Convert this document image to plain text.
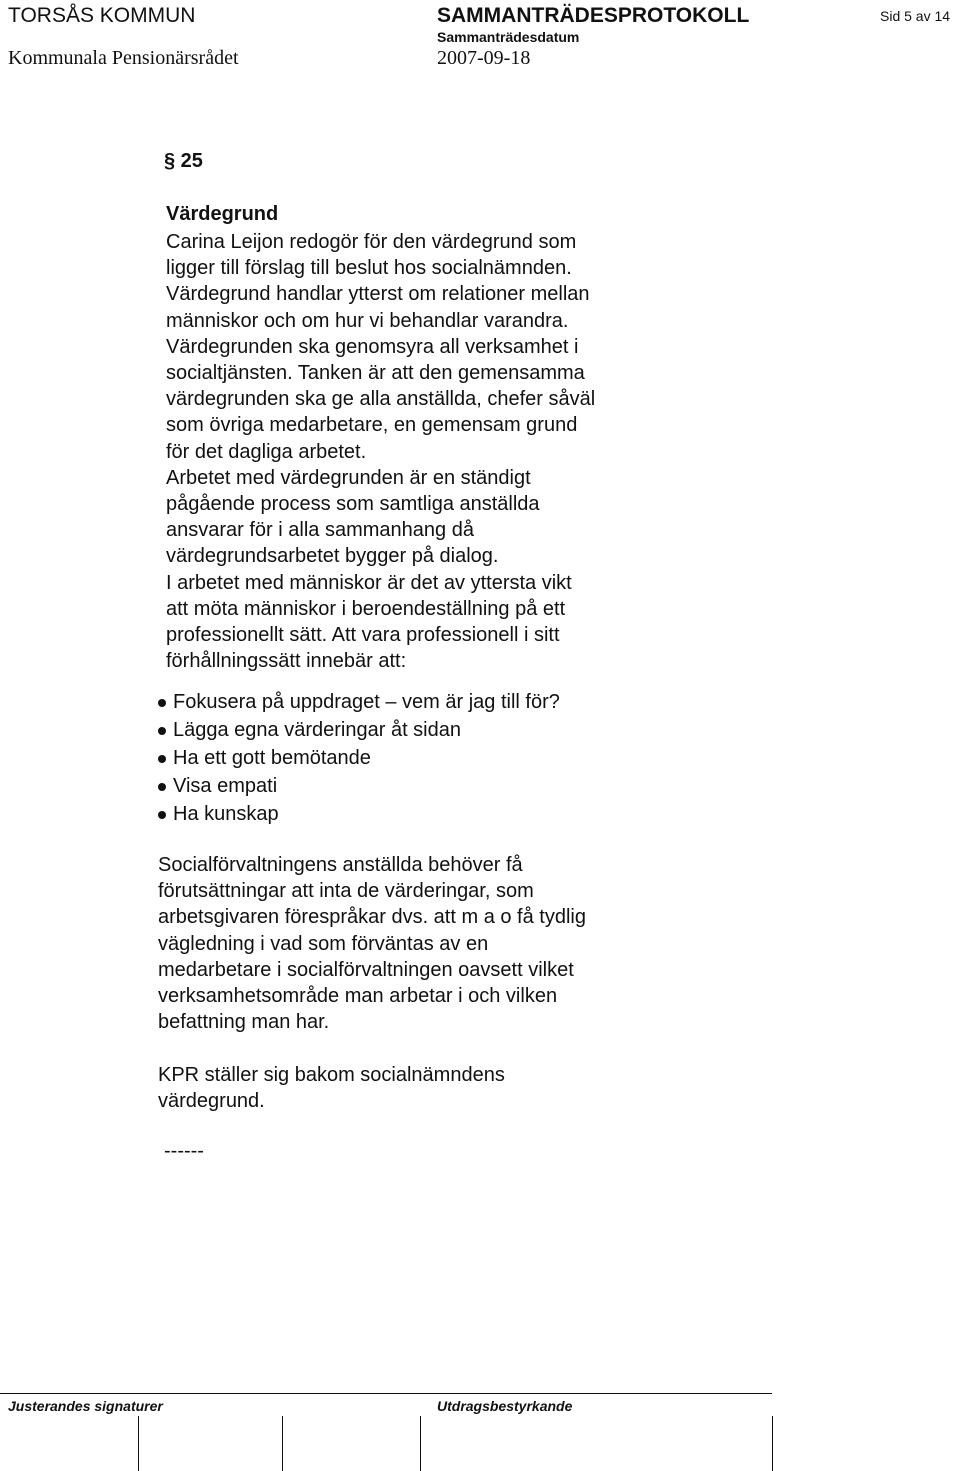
TORSÅS KOMMUN	SAMMANTRÄDESPROTOKOLL	Sid 5 av 14
Kommunala Pensionärsrådet
Sammanträdesdatum
2007-09-18
§ 25
Värdegrund
Carina Leijon redogör för den värdegrund som
ligger till förslag till beslut hos socialnämnden.
Värdegrund handlar ytterst om relationer mellan
människor och om hur vi behandlar varandra.
Värdegrunden ska genomsyra all verksamhet i
socialtjänsten. Tanken är att den gemensamma
värdegrunden ska ge alla anställda, chefer såväl
som övriga medarbetare, en gemensam grund
för det dagliga arbetet.
Arbetet med värdegrunden är en ständigt
pågående process som samtliga anställda
ansvarar för i alla sammanhang då
värdegrundsarbetet bygger på dialog.
I arbetet med människor är det av yttersta vikt
att möta människor i beroendeställning på ett
professionellt sätt. Att vara professionell i sitt
förhållningssätt innebär att:
Fokusera på uppdraget – vem är jag till för?
Lägga egna värderingar åt sidan
Ha ett gott bemötande
Visa empati
Ha kunskap
Socialförvaltningens anställda behöver få
förutsättningar att inta de värderingar, som
arbetsgivaren förespråkar dvs. att m a o få tydlig
vägledning i vad som förväntas av en
medarbetare i socialförvaltningen oavsett vilket
verksamhetsområde man arbetar i och vilken
befattning man har.
KPR ställer sig bakom socialnämndens
värdegrund.
------
Justerandes signaturer	Utdragsbestyrkande
